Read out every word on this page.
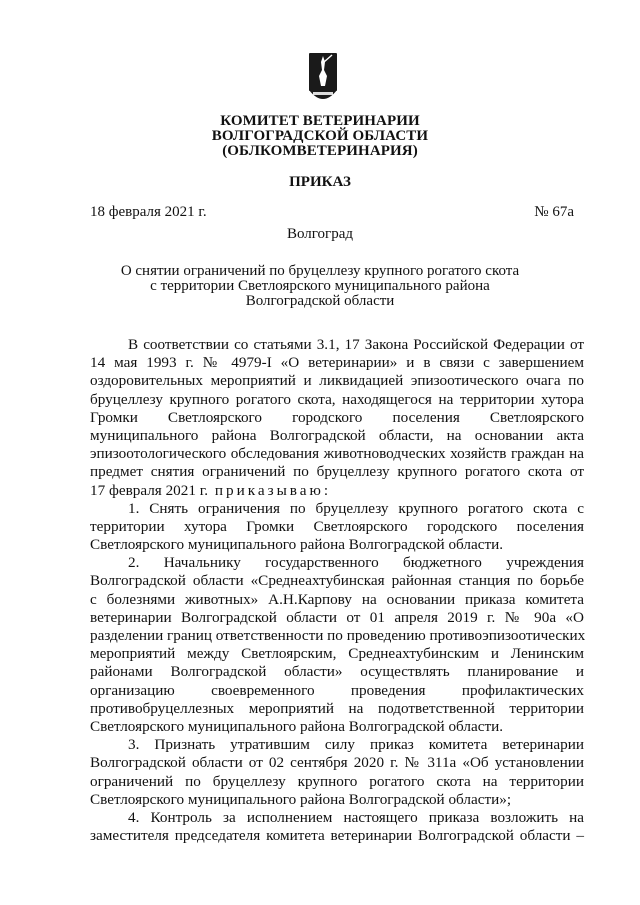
КОМИТЕТ ВЕТЕРИНАРИИ
ВОЛГОГРАДСКОЙ ОБЛАСТИ
(ОБЛКОМВЕТЕРИНАРИЯ)
ПРИКАЗ
18 февраля 2021 г.	№ 67а
Волгоград
О снятии ограничений по бруцеллезу крупного рогатого скота
с территории Светлоярского муниципального района
Волгоградской области
В соответствии со статьями 3.1, 17 Закона Российской Федерации от
14 мая 1993 г. № 4979-I «О ветеринарии» и в связи с завершением
оздоровительных мероприятий и ликвидацией эпизоотического очага по
бруцеллезу крупного рогатого скота, находящегося на территории хутора
Громки Светлоярского городского поселения Светлоярского
муниципального района Волгоградской области, на основании акта
эпизоотологического обследования животноводческих хозяйств граждан на
предмет снятия ограничений по бруцеллезу крупного рогатого скота от
17 февраля 2021 г. приказываю:
1. Снять ограничения по бруцеллезу крупного рогатого скота с
территории хутора Громки Светлоярского городского поселения
Светлоярского муниципального района Волгоградской области.
2. Начальнику государственного бюджетного учреждения
Волгоградской области «Среднеахтубинская районная станция по борьбе
с болезнями животных» А.Н.Карпову на основании приказа комитета
ветеринарии Волгоградской области от 01 апреля 2019 г. № 90а «О
разделении границ ответственности по проведению противоэпизоотических
мероприятий между Светлоярским, Среднеахтубинским и Ленинским
районами Волгоградской области» осуществлять планирование и
организацию своевременного проведения профилактических
противобруцеллезных мероприятий на подответственной территории
Светлоярского муниципального района Волгоградской области.
3. Признать утратившим силу приказ комитета ветеринарии
Волгоградской области от 02 сентября 2020 г. № 311а «Об установлении
ограничений по бруцеллезу крупного рогатого скота на территории
Светлоярского муниципального района Волгоградской области»;
4. Контроль за исполнением настоящего приказа возложить на
заместителя председателя комитета ветеринарии Волгоградской области –
